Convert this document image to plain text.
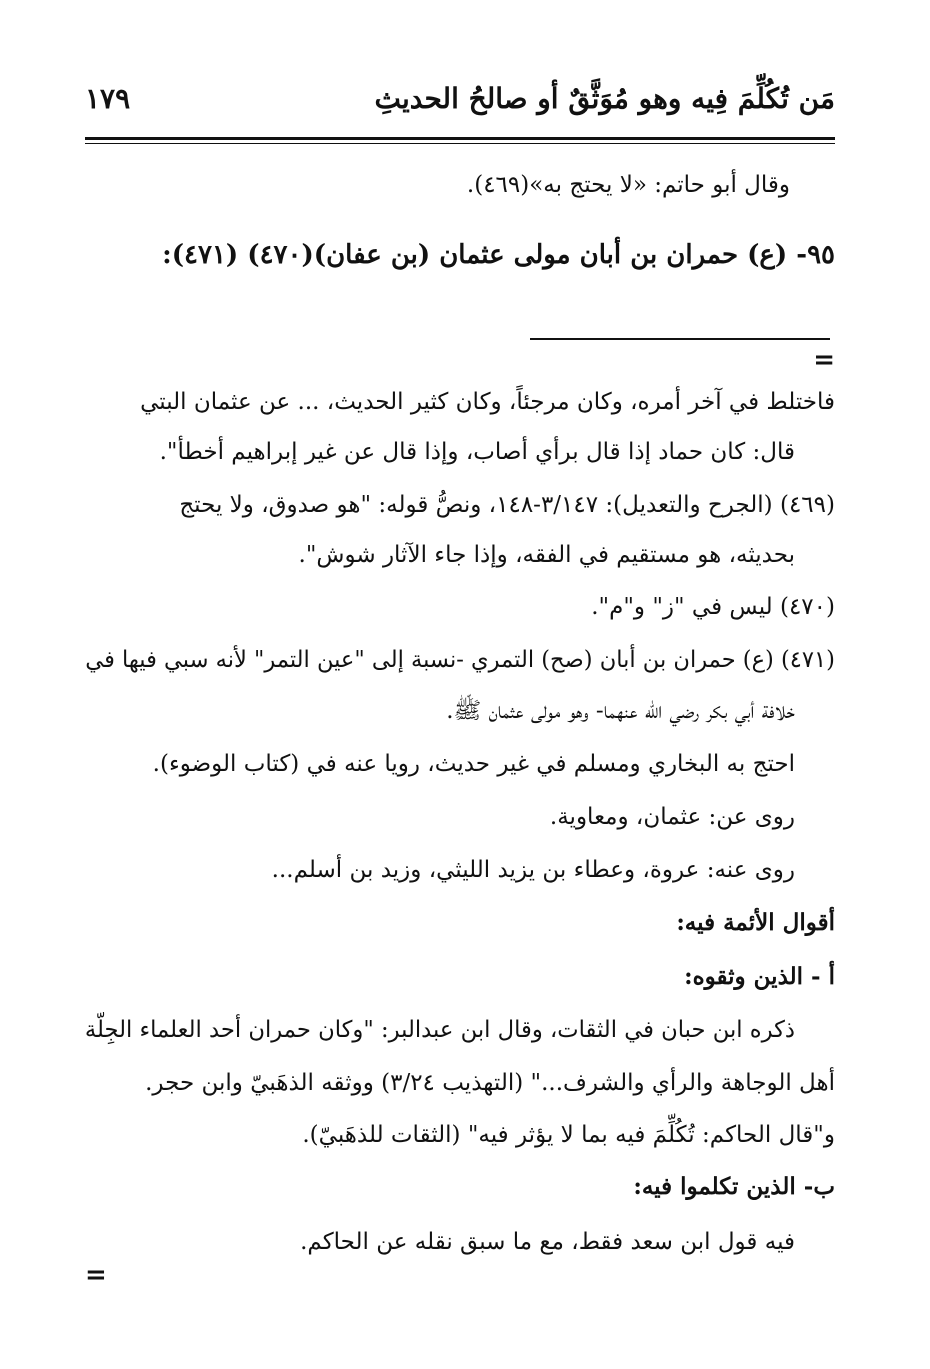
مَن تُكُلِّمَ فِيه وهو مُوَثَّقٌ أو صالحُ الحديثِ
١٧٩
وقال أبو حاتم: «لا يحتج به»(٤٦٩).
٩٥- (ع) حمران بن أبان مولى عثمان (بن عفان)(٤٧٠) (٤٧١):
=
فاختلط في آخر أمره، وكان مرجئاً، وكان كثير الحديث، ... عن عثمان البتي
قال: كان حماد إذا قال برأي أصاب، وإذا قال عن غير إبراهيم أخطأ".
(٤٦٩) (الجرح والتعديل): ٣/١٤٧-١٤٨، ونصُّ قوله: "هو صدوق، ولا يحتج
بحديثه، هو مستقيم في الفقه، وإذا جاء الآثار شوش".
(٤٧٠) ليس في "ز" و"م".
(٤٧١) (ع) حمران بن أبان (صح) التمري -نسبة إلى "عين التمر" لأنه سبي فيها في
خلافة أبي بكر رضي الله عنهما- وهو مولى عثمان ﷺ.
احتج به البخاري ومسلم في غير حديث، رويا عنه في (كتاب الوضوء).
روى عن: عثمان، ومعاوية.
روى عنه: عروة، وعطاء بن يزيد الليثي، وزيد بن أسلم...
أقوال الأئمة فيه:
أ - الذين وثقوه:
ذكره ابن حبان في الثقات، وقال ابن عبدالبر: "وكان حمران أحد العلماء الجِلّة
أهل الوجاهة والرأي والشرف..." (التهذيب ٣/٢٤) ووثقه الذهَبيّ وابن حجر.
و"قال الحاكم: تُكُلِّمَ فيه بما لا يؤثر فيه" (الثقات للذهَبيّ).
ب- الذين تكلموا فيه:
فيه قول ابن سعد فقط، مع ما سبق نقله عن الحاكم.
=
